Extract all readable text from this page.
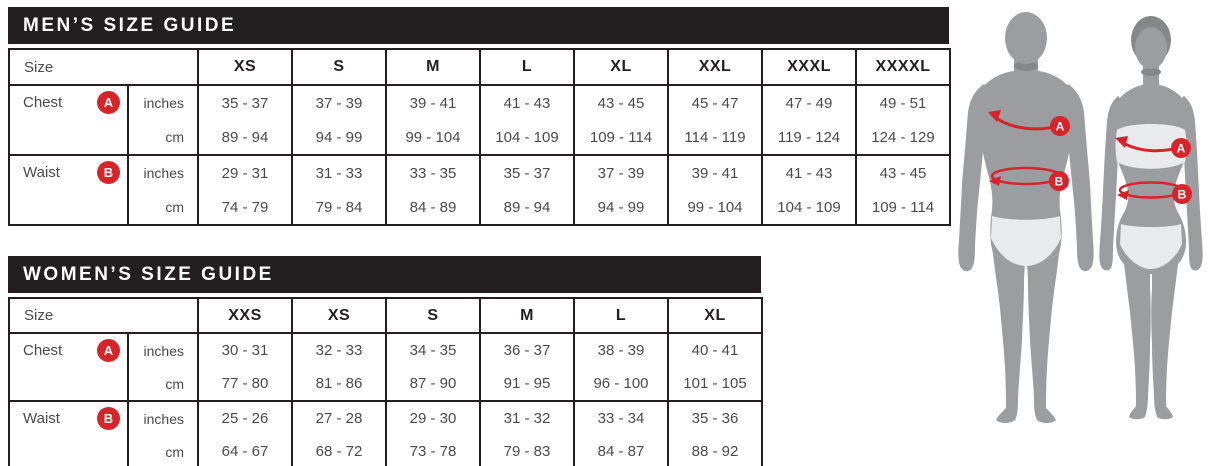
MEN’S SIZE GUIDE
Size		XS	S	M	L	XL	XXL	XXXL	XXXXL

Chest A	inches	35 - 37	37 - 39	39 - 41	41 - 43	43 - 45	45 - 47	47 - 49	49 - 51
	cm	89 - 94	94 - 99	99 - 104	104 - 109	109 - 114	114 - 119	119 - 124	124 - 129

Waist B	inches	29 - 31	31 - 33	33 - 35	35 - 37	37 - 39	39 - 41	41 - 43	43 - 45
	cm	74 - 79	79 - 84	84 - 89	89 - 94	94 - 99	99 - 104	104 - 109	109 - 114
WOMEN’S SIZE GUIDE
Size		XXS	XS	S	M	L	XL

Chest A	inches	30 - 31	32 - 33	34 - 35	36 - 37	38 - 39	40 - 41
	cm	77 - 80	81 - 86	87 - 90	91 - 95	96 - 100	101 - 105

Waist B	inches	25 - 26	27 - 28	29 - 30	31 - 32	33 - 34	35 - 36
	cm	64 - 67	68 - 72	73 - 78	79 - 83	84 - 87	88 - 92
A
B
A
B
